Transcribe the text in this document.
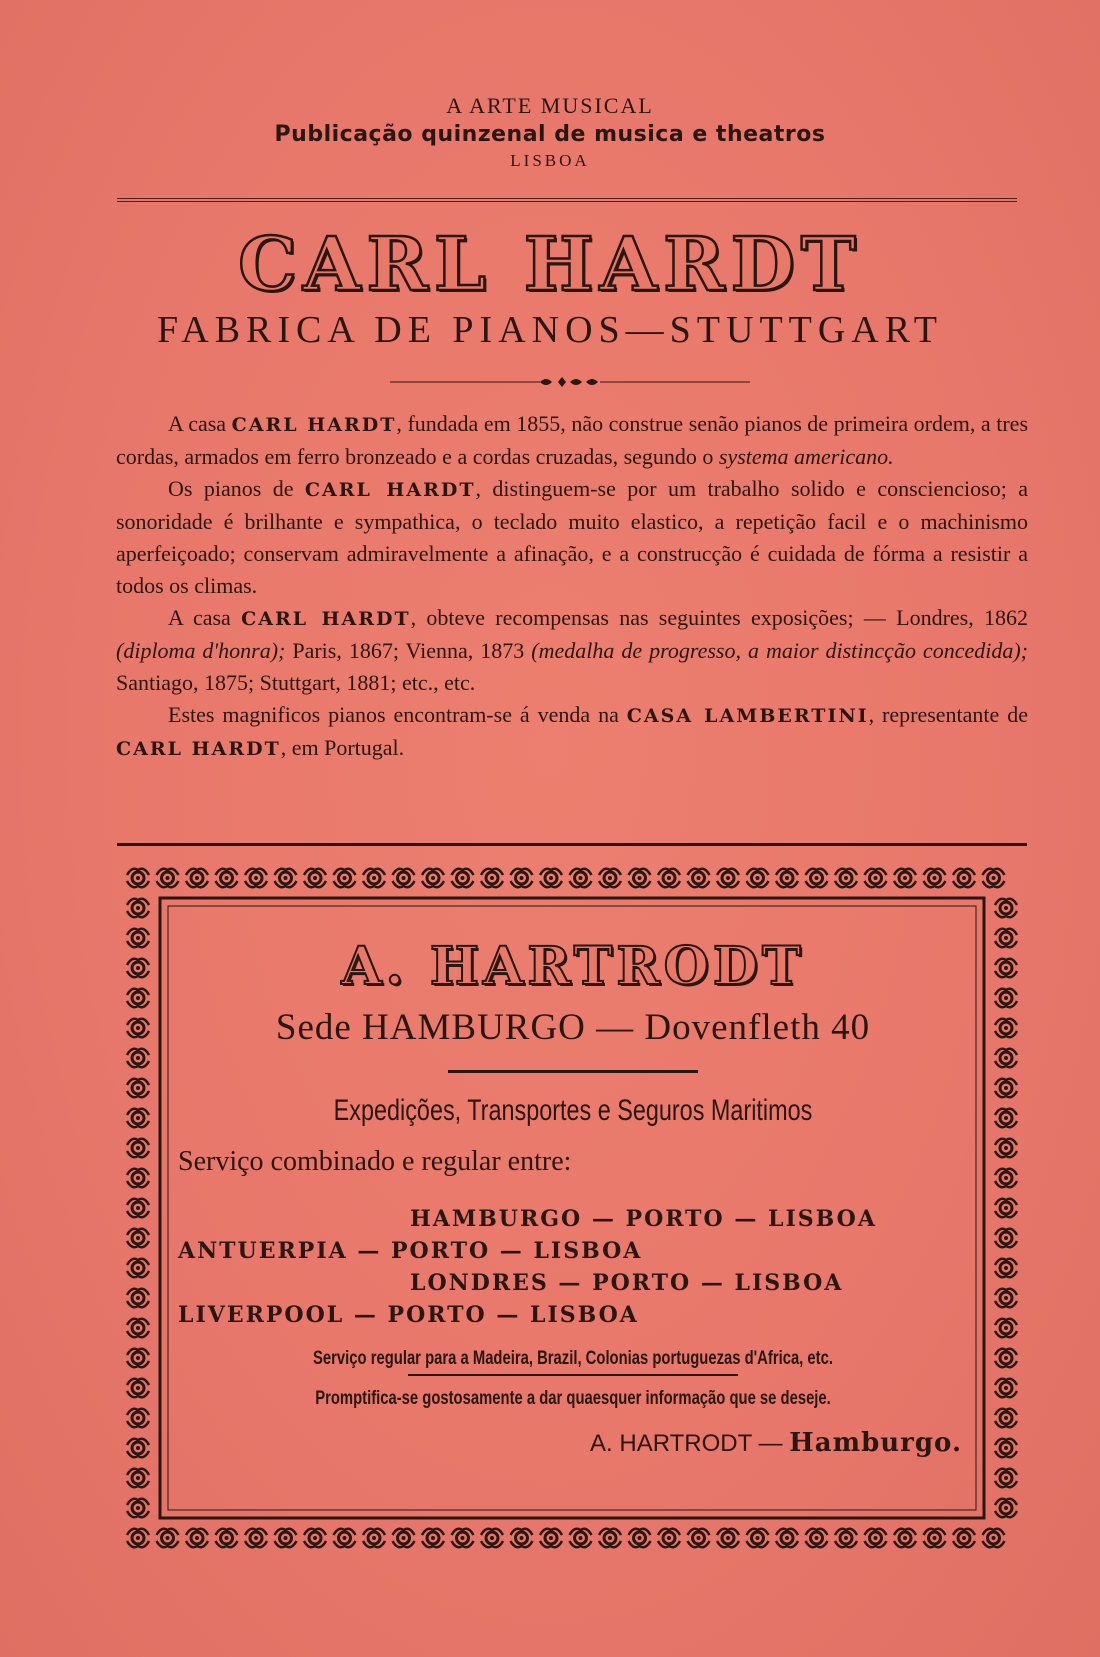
A ARTE MUSICAL
Publicação quinzenal de musica e theatros
LISBOA
CARL HARDT
FABRICA DE PIANOS—STUTTGART

A casa CARL HARDT, fundada em 1855, não construe senão pianos de primeira ordem, a tres cordas, armados em ferro bronzeado e a cordas cruzadas, segundo o systema americano.

Os pianos de CARL HARDT, distinguem-se por um trabalho solido e consciencioso; a sonoridade é brilhante e sympathica, o teclado muito elastico, a repetição facil e o machinismo aperfeiçoado; conservam admiravelmente a afinação, e a construcção é cuidada de fórma a resistir a todos os climas.

A casa CARL HARDT, obteve recompensas nas seguintes exposições; — Londres, 1862 (diploma d'honra); Paris, 1867; Vienna, 1873 (medalha de progresso, a maior distincção concedida); Santiago, 1875; Stuttgart, 1881; etc., etc.

Estes magnificos pianos encontram-se á venda na CASA LAMBERTINI, representante de CARL HARDT, em Portugal.

A. HARTRODT
Sede HAMBURGO — Dovenfleth 40
Expedições, Transportes e Seguros Maritimos
Serviço combinado e regular entre:
HAMBURGO — PORTO — LISBOA
ANTUERPIA — PORTO — LISBOA
LONDRES — PORTO — LISBOA
LIVERPOOL — PORTO — LISBOA
Serviço regular para a Madeira, Brazil, Colonias portuguezas d'Africa, etc.
Promptifica-se gostosamente a dar quaesquer informação que se deseje.
A. HARTRODT — Hamburgo.
